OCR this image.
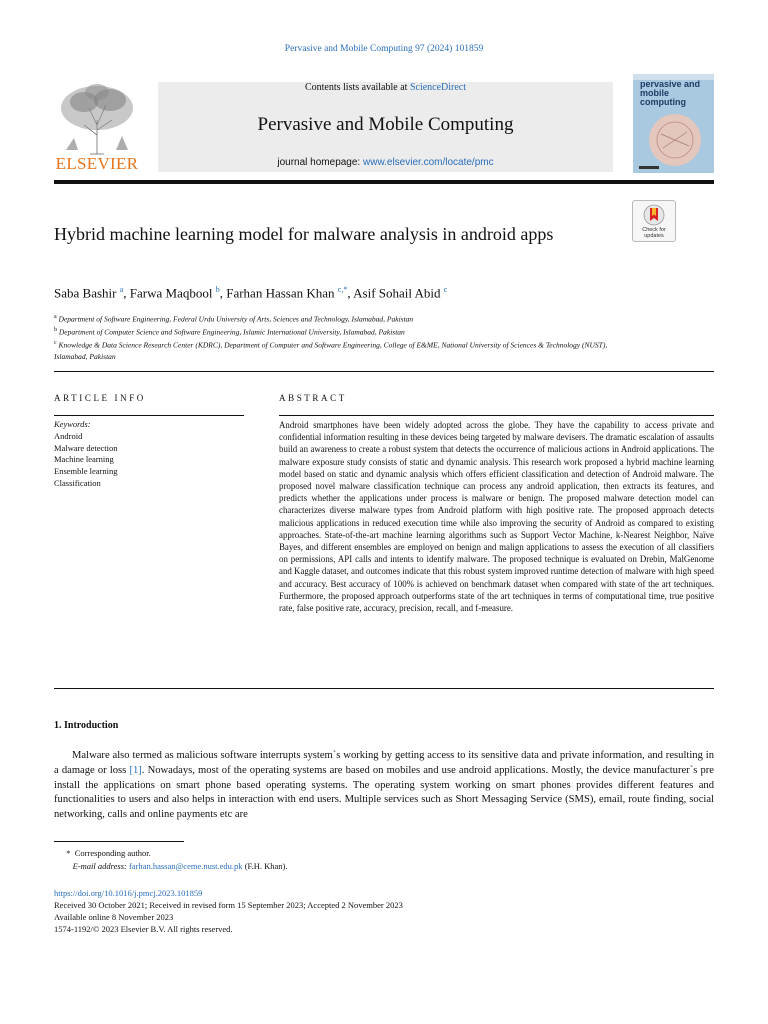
Pervasive and Mobile Computing 97 (2024) 101859
ELSEVIER
Contents lists available at ScienceDirect
Pervasive and Mobile Computing
journal homepage: www.elsevier.com/locate/pmc
pervasive and mobile computing
Check for updates
Hybrid machine learning model for malware analysis in android apps
Saba Bashir $^a$, Farwa Maqbool $^b$, Farhan Hassan Khan $^{c,*}$, Asif Sohail Abid $^c$
$^a$ Department of Software Engineering, Federal Urdu University of Arts, Sciences and Technology, Islamabad, Pakistan
$^b$ Department of Computer Science and Software Engineering, Islamic International University, Islamabad, Pakistan
$^c$ Knowledge & Data Science Research Center (KDRC), Department of Computer and Software Engineering, College of E&ME, National University of Sciences & Technology (NUST), Islamabad, Pakistan
ARTICLE INFO	ABSTRACT
Keywords:
Android
Malware detection
Machine learning
Ensemble learning
Classification
Android smartphones have been widely adopted across the globe. They have the capability to access private and confidential information resulting in these devices being targeted by malware devisers. The dramatic escalation of assaults build an awareness to create a robust system that detects the occurrence of malicious actions in Android applications. The malware exposure study consists of static and dynamic analysis. This research work proposed a hybrid machine learning model based on static and dynamic analysis which offers efficient classification and detection of Android malware. The proposed novel malware classification technique can process any android application, then extracts its features, and predicts whether the applications under process is malware or benign. The proposed malware detection model can characterizes diverse malware types from Android platform with high positive rate. The proposed approach detects malicious applications in reduced execution time while also improving the security of Android as compared to existing approaches. State-of-the-art machine learning algorithms such as Support Vector Machine, k-Nearest Neighbor, Naïve Bayes, and different ensembles are employed on benign and malign applications to assess the execution of all classifiers on permissions, API calls and intents to identify malware. The proposed technique is evaluated on Drebin, MalGenome and Kaggle dataset, and outcomes indicate that this robust system improved runtime detection of malware with high speed and accuracy. Best accuracy of 100% is achieved on benchmark dataset when compared with state of the art techniques. Furthermore, the proposed approach outperforms state of the art techniques in terms of computational time, true positive rate, false positive rate, accuracy, precision, recall, and f-measure.
1. Introduction
Malware also termed as malicious software interrupts system`s working by getting access to its sensitive data and private information, and resulting in a damage or loss [1]. Nowadays, most of the operating systems are based on mobiles and use android applications. Mostly, the device manufacturer`s pre install the applications on smart phone based operating systems. The operating system working on smart phones provides different features and functionalities to users and also helps in interaction with end users. Multiple services such as Short Messaging Service (SMS), email, route finding, social networking, calls and online payments etc are
*  Corresponding author.
E-mail address: farhan.hassan@ceme.nust.edu.pk (F.H. Khan).
https://doi.org/10.1016/j.pmcj.2023.101859
Received 30 October 2021; Received in revised form 15 September 2023; Accepted 2 November 2023
Available online 8 November 2023
1574-1192/© 2023 Elsevier B.V. All rights reserved.
